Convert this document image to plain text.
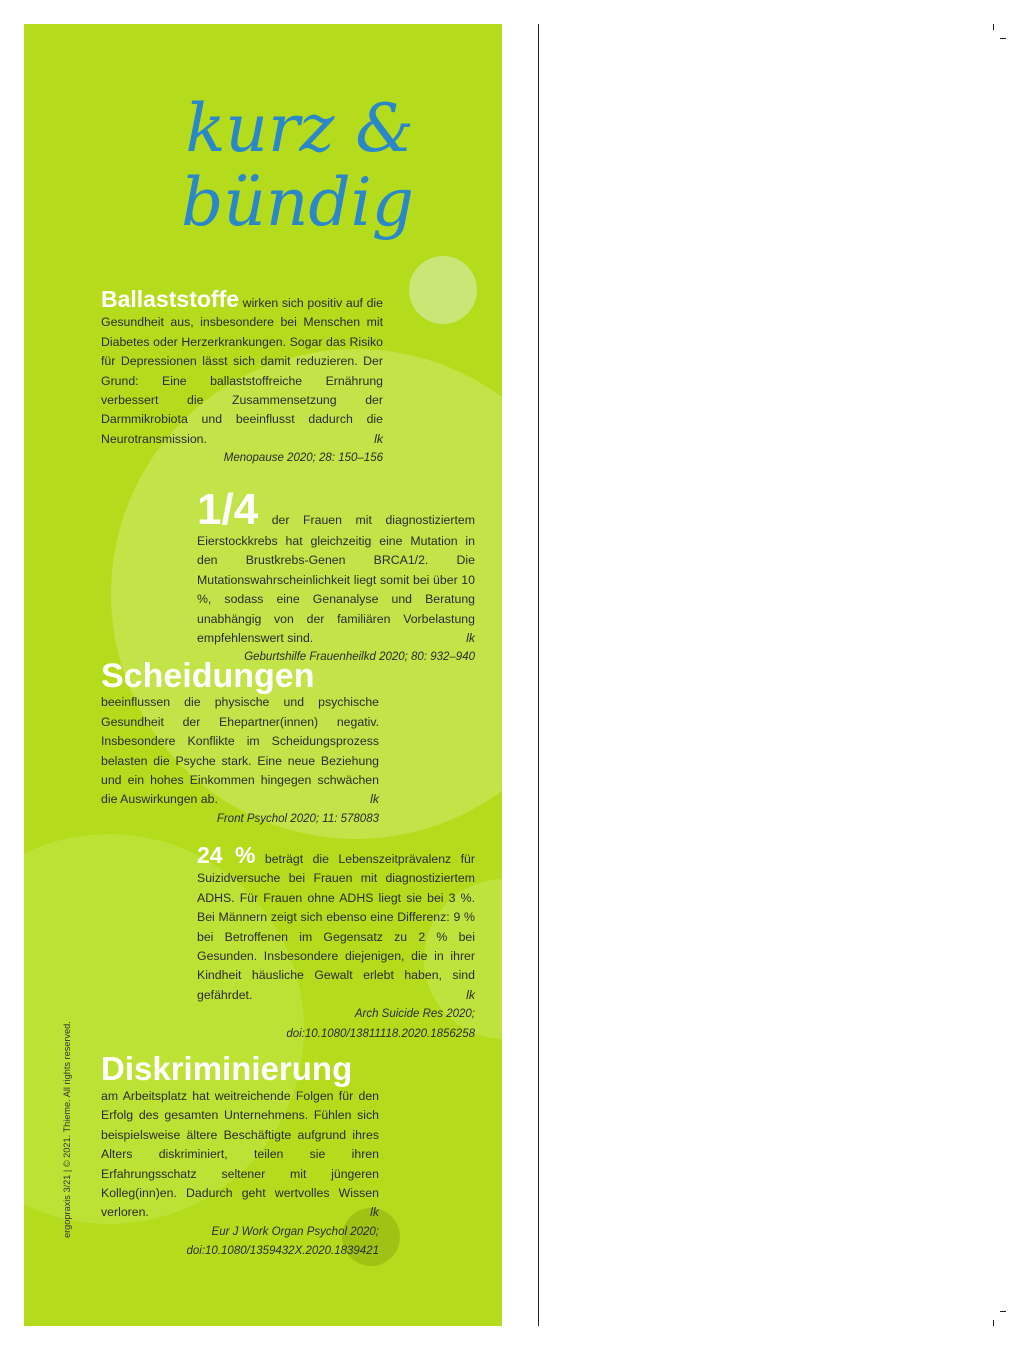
kurz &
bündig
Ballaststoffe wirken sich positiv auf die Gesundheit aus, insbesondere bei Menschen mit Diabetes oder Herzerkrankungen. Sogar das Risiko für Depressionen lässt sich damit reduzieren. Der Grund: Eine ballaststoffreiche Ernährung verbessert die Zusammensetzung der Darmmikrobiota und beeinflusst dadurch die Neurotransmission.	lk
Menopause 2020; 28: 150–156
1/4 der Frauen mit diagnostiziertem Eierstockkrebs hat gleichzeitig eine Mutation in den Brustkrebs-Genen BRCA1/2. Die Mutationswahrscheinlichkeit liegt somit bei über 10 %, sodass eine Genanalyse und Beratung unabhängig von der familiären Vorbelastung empfehlenswert sind.	lk
Geburtshilfe Frauenheilkd 2020; 80: 932–940
Scheidungen beeinflussen die physische und psychische Gesundheit der Ehepartner(innen) negativ. Insbesondere Konflikte im Scheidungsprozess belasten die Psyche stark. Eine neue Beziehung und ein hohes Einkommen hingegen schwächen die Auswirkungen ab.	lk
Front Psychol 2020; 11: 578083
24 % beträgt die Lebenszeitprävalenz für Suizidversuche bei Frauen mit diagnostiziertem ADHS. Für Frauen ohne ADHS liegt sie bei 3 %. Bei Männern zeigt sich ebenso eine Differenz: 9 % bei Betroffenen im Gegensatz zu 2 % bei Gesunden. Insbesondere diejenigen, die in ihrer Kindheit häusliche Gewalt erlebt haben, sind gefährdet.	lk
Arch Suicide Res 2020;
doi:10.1080/13811118.2020.1856258
Diskriminierung
am Arbeitsplatz hat weitreichende Folgen für den Erfolg des gesamten Unternehmens. Fühlen sich beispielsweise ältere Beschäftigte aufgrund ihres Alters diskriminiert, teilen sie ihren Erfahrungsschatz seltener mit jüngeren Kolleg(inn)en. Dadurch geht wertvolles Wissen verloren.	lk
Eur J Work Organ Psychol 2020;
doi:10.1080/1359432X.2020.1839421
ergopraxis 3/21 | © 2021. Thieme. All rights reserved.
